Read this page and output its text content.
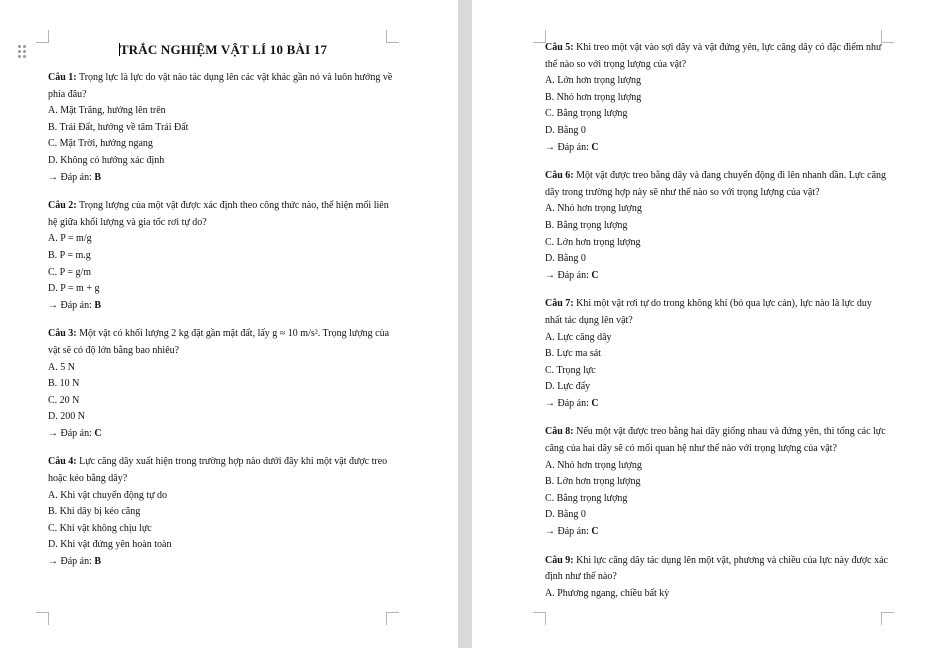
TRẮC NGHIỆM VẬT LÍ 10 BÀI 17

Câu 1: Trọng lực là lực do vật nào tác dụng lên các vật khác gần nó và luôn hướng về phía đâu?

A. Mặt Trăng, hướng lên trên

B. Trái Đất, hướng về tâm Trái Đất

C. Mặt Trời, hướng ngang

D. Không có hướng xác định

→ Đáp án: B

Câu 2: Trọng lượng của một vật được xác định theo công thức nào, thể hiện mối liên hệ giữa khối lượng và gia tốc rơi tự do?

A. P = m/g

B. P = m.g

C. P = g/m

D. P = m + g

→ Đáp án: B

Câu 3: Một vật có khối lượng 2 kg đặt gần mặt đất, lấy g ≈ 10 m/s². Trọng lượng của vật sẽ có độ lớn bằng bao nhiêu?

A. 5 N

B. 10 N

C. 20 N

D. 200 N

→ Đáp án: C

Câu 4: Lực căng dây xuất hiện trong trường hợp nào dưới đây khi một vật được treo hoặc kéo bằng dây?

A. Khi vật chuyển động tự do

B. Khi dây bị kéo căng

C. Khi vật không chịu lực

D. Khi vật đứng yên hoàn toàn

→ Đáp án: B

Câu 5: Khi treo một vật vào sợi dây và vật đứng yên, lực căng dây có đặc điểm như thế nào so với trọng lượng của vật?

A. Lớn hơn trọng lượng

B. Nhỏ hơn trọng lượng

C. Bằng trọng lượng

D. Bằng 0

→ Đáp án: C

Câu 6: Một vật được treo bằng dây và đang chuyển động đi lên nhanh dần. Lực căng dây trong trường hợp này sẽ như thế nào so với trọng lượng của vật?

A. Nhỏ hơn trọng lượng

B. Bằng trọng lượng

C. Lớn hơn trọng lượng

D. Bằng 0

→ Đáp án: C

Câu 7: Khi một vật rơi tự do trong không khí (bỏ qua lực cản), lực nào là lực duy nhất tác dụng lên vật?

A. Lực căng dây

B. Lực ma sát

C. Trọng lực

D. Lực đẩy

→ Đáp án: C

Câu 8: Nếu một vật được treo bằng hai dây giống nhau và đứng yên, thì tổng các lực căng của hai dây sẽ có mối quan hệ như thế nào với trọng lượng của vật?

A. Nhỏ hơn trọng lượng

B. Lớn hơn trọng lượng

C. Bằng trọng lượng

D. Bằng 0

→ Đáp án: C

Câu 9: Khi lực căng dây tác dụng lên một vật, phương và chiều của lực này được xác định như thế nào?

A. Phương ngang, chiều bất kỳ
